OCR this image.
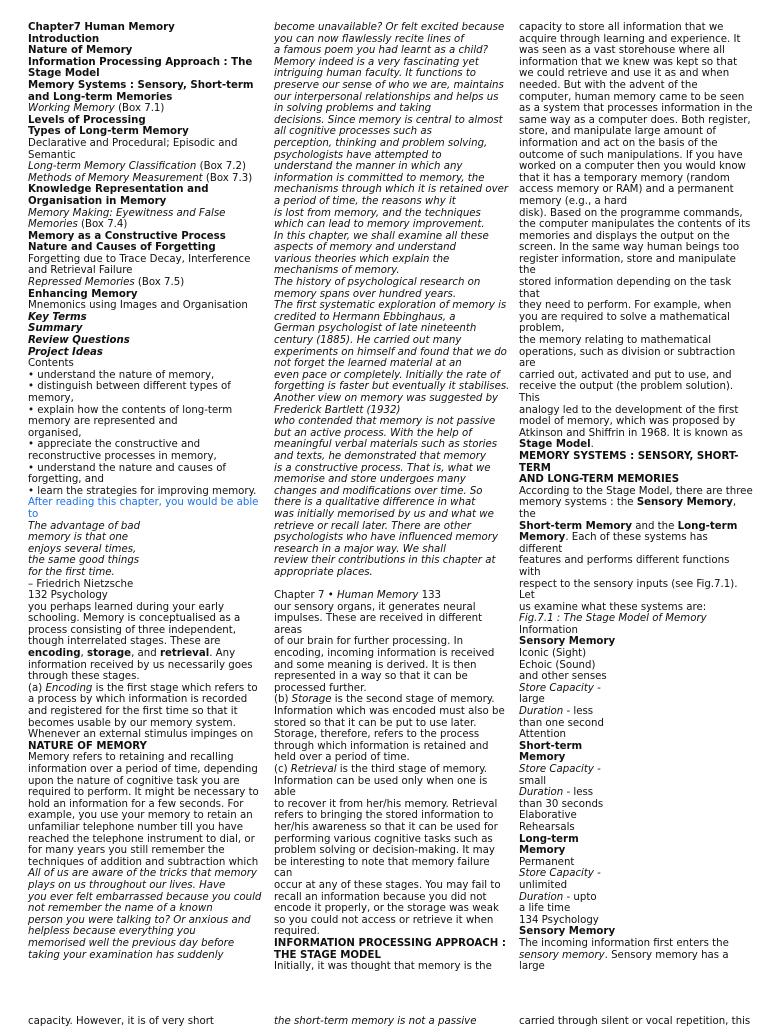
Chapter7 Human Memory

Introduction

Nature of Memory

Information Processing Approach : The Stage Model

Memory Systems : Sensory, Short-term and Long-term Memories

Working Memory (Box 7.1)

Levels of Processing

Types of Long-term Memory

Declarative and Procedural; Episodic and Semantic

Long-term Memory Classification (Box 7.2)

Methods of Memory Measurement (Box 7.3)

Knowledge Representation and Organisation in Memory

Memory Making: Eyewitness and False Memories (Box 7.4)

Memory as a Constructive Process

Nature and Causes of Forgetting

Forgetting due to Trace Decay, Interference and Retrieval Failure

Repressed Memories (Box 7.5)

Enhancing Memory

Mnemonics using Images and Organisation

Key Terms

Summary

Review Questions

Project Ideas

Contents

• understand the nature of memory,

• distinguish between different types of memory,

• explain how the contents of long-term memory are represented and

organised,

• appreciate the constructive and reconstructive processes in memory,

• understand the nature and causes of forgetting, and

• learn the strategies for improving memory.

After reading this chapter, you would be able to

The advantage of bad

memory is that one

enjoys several times,

the same good things

for the first time.

– Friedrich Nietzsche

132 Psychology

you perhaps learned during your early schooling. Memory is conceptualised as a process consisting of three independent, though interrelated stages. These are

encoding, storage, and retrieval. Any information received by us necessarily goes through these stages.

(a) Encoding is the first stage which refers to a process by which information is recorded and registered for the first time so that it becomes usable by our memory system. Whenever an external stimulus impinges on

NATURE OF MEMORY

Memory refers to retaining and recalling information over a period of time, depending upon the nature of cognitive task you are required to perform. It might be necessary to hold an information for a few seconds. For example, you use your memory to retain an unfamiliar telephone number till you have reached the telephone instrument to dial, or for many years you still remember the techniques of addition and subtraction which

All of us are aware of the tricks that memory plays on us throughout our lives. Have

you ever felt embarrassed because you could not remember the name of a known

person you were talking to? Or anxious and helpless because everything you

memorised well the previous day before taking your examination has suddenly

become unavailable? Or felt excited because you can now flawlessly recite lines of

a famous poem you had learnt as a child? Memory indeed is a very fascinating yet intriguing human faculty. It functions to preserve our sense of who we are, maintains our interpersonal relationships and helps us in solving problems and taking

decisions. Since memory is central to almost all cognitive processes such as

perception, thinking and problem solving, psychologists have attempted to

understand the manner in which any information is committed to memory, the

mechanisms through which it is retained over a period of time, the reasons why it

is lost from memory, and the techniques which can lead to memory improvement.

In this chapter, we shall examine all these aspects of memory and understand

various theories which explain the mechanisms of memory.

The history of psychological research on memory spans over hundred years.

The first systematic exploration of memory is credited to Hermann Ebbinghaus, a

German psychologist of late nineteenth century (1885). He carried out many experiments on himself and found that we do not forget the learned material at an

even pace or completely. Initially the rate of forgetting is faster but eventually it stabilises. Another view on memory was suggested by Frederick Bartlett (1932)

who contended that memory is not passive but an active process. With the help of meaningful verbal materials such as stories and texts, he demonstrated that memory

is a constructive process. That is, what we memorise and store undergoes many changes and modifications over time. So there is a qualitative difference in what

was initially memorised by us and what we retrieve or recall later. There are other psychologists who have influenced memory research in a major way. We shall

review their contributions in this chapter at appropriate places.

Chapter 7 • Human Memory 133

our sensory organs, it generates neural impulses. These are received in different areas

of our brain for further processing. In encoding, incoming information is received and some meaning is derived. It is then represented in a way so that it can be processed further.

(b) Storage is the second stage of memory. Information which was encoded must also be stored so that it can be put to use later. Storage, therefore, refers to the process through which information is retained and held over a period of time.

(c) Retrieval is the third stage of memory. Information can be used only when one is able

to recover it from her/his memory. Retrieval refers to bringing the stored information to her/his awareness so that it can be used for performing various cognitive tasks such as problem solving or decision-making. It may be interesting to note that memory failure can

occur at any of these stages. You may fail to recall an information because you did not encode it properly, or the storage was weak so you could not access or retrieve it when required.

INFORMATION PROCESSING APPROACH : THE STAGE MODEL

Initially, it was thought that memory is the

capacity to store all information that we acquire through learning and experience. It was seen as a vast storehouse where all information that we knew was kept so that we could retrieve and use it as and when needed. But with the advent of the computer, human memory came to be seen as a system that processes information in the same way as a computer does. Both register, store, and manipulate large amount of information and act on the basis of the outcome of such manipulations. If you have worked on a computer then you would know that it has a temporary memory (random access memory or RAM) and a permanent memory (e.g., a hard

disk). Based on the programme commands, the computer manipulates the contents of its memories and displays the output on the screen. In the same way human beings too register information, store and manipulate the

stored information depending on the task that

they need to perform. For example, when you are required to solve a mathematical problem,

the memory relating to mathematical operations, such as division or subtraction are

carried out, activated and put to use, and receive the output (the problem solution). This

analogy led to the development of the first model of memory, which was proposed by Atkinson and Shiffrin in 1968. It is known as

Stage Model.

MEMORY SYSTEMS : SENSORY, SHORT-TERM

AND LONG-TERM MEMORIES

According to the Stage Model, there are three memory systems : the Sensory Memory, the

Short-term Memory and the Long-term Memory. Each of these systems has different

features and performs different functions with

respect to the sensory inputs (see Fig.7.1). Let

us examine what these systems are:

Fig.7.1 : The Stage Model of Memory

Information

Sensory Memory

Iconic (Sight)

Echoic (Sound)

and other senses

Store Capacity -

large

Duration - less

than one second

Attention

Short-term

Memory

Store Capacity -

small

Duration - less

than 30 seconds

Elaborative

Rehearsals

Long-term

Memory

Permanent

Store Capacity -

unlimited

Duration - upto

a life time

134 Psychology

Sensory Memory

The incoming information first enters the

sensory memory. Sensory memory has a large

capacity. However, it is of very short	the short-term memory is not a passive	carried through silent or vocal repetition, this
